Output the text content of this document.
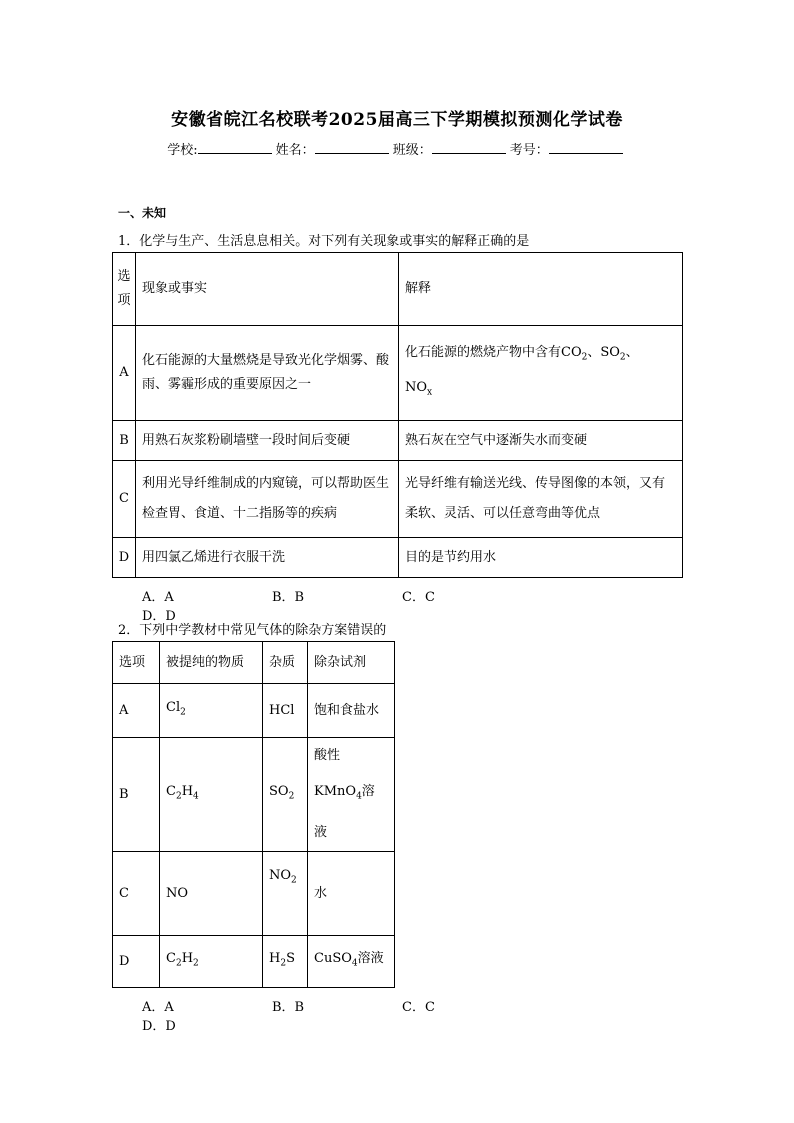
安徽省皖江名校联考2025届高三下学期模拟预测化学试卷
学校:	姓名：	班级：	考号：
一、未知
1．化学与生产、生活息息相关。对下列有关现象或事实的解释正确的是
选项	现象或事实	解释
A	化石能源的大量燃烧是导致光化学烟雾、酸雨、雾霾形成的重要原因之一	化石能源的燃烧产物中含有$CO_2$、$SO_2$、
$NO_x$
B	用熟石灰浆粉刷墙壁一段时间后变硬	熟石灰在空气中逐渐失水而变硬
C	利用光导纤维制成的内窥镜，可以帮助医生检查胃、食道、十二指肠等的疾病	光导纤维有输送光线、传导图像的本领，又有柔软、灵活、可以任意弯曲等优点
D	用四氯乙烯进行衣服干洗	目的是节约用水
A．A	B．B	C．CD．D
2．下列中学教材中常见气体的除杂方案错误的
选项	被提纯的物质	杂质	除杂试剂
A	$Cl_2$	HCl	饱和食盐水
B	$C_2H_4$	$SO_2$	酸性
KMnO$_4$溶
液
C	NO	$NO_2$	水
D	$C_2H_2$	$H_2S$	CuSO$_4$溶液
A．A	B．B	C．CD．D
